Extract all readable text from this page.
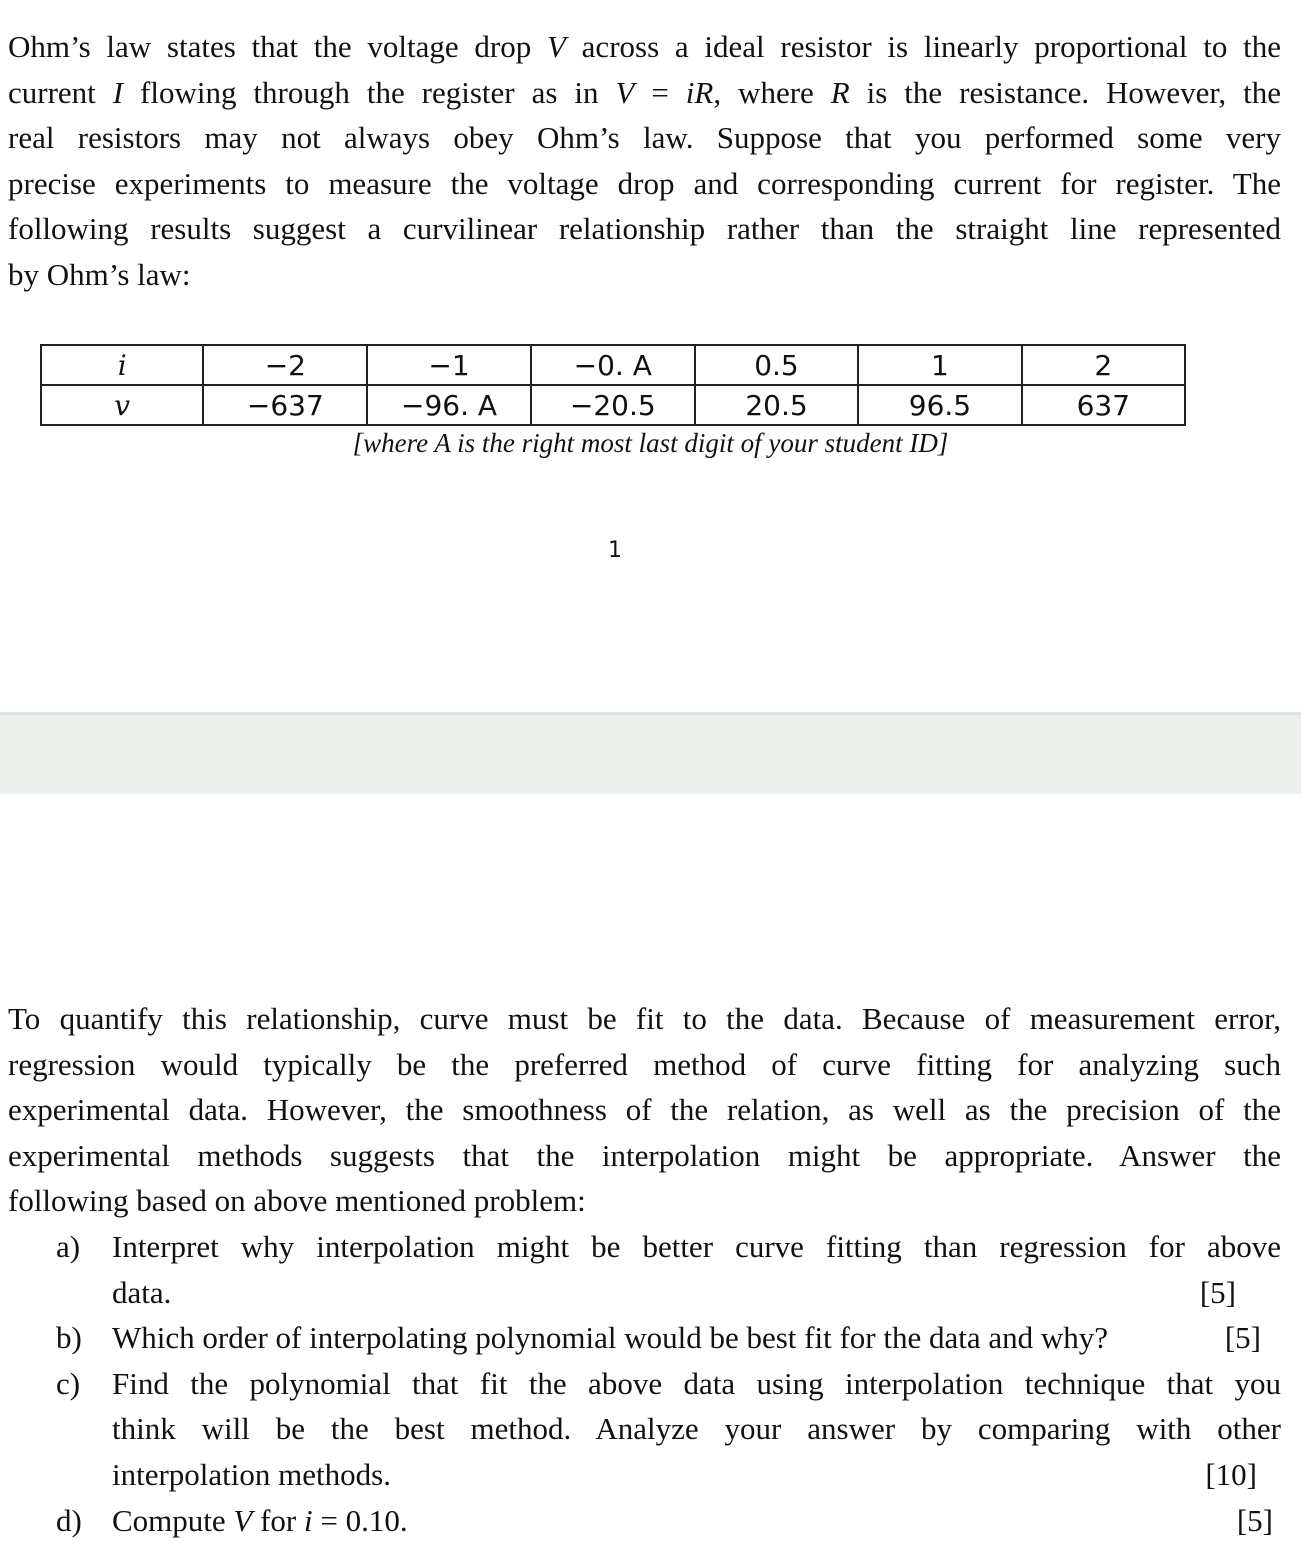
Ohm’s law states that the voltage drop V across a ideal resistor is linearly proportional to the
current I flowing through the register as in V = iR, where R is the resistance. However, the
real resistors may not always obey Ohm’s law. Suppose that you performed some very
precise experiments to measure the voltage drop and corresponding current for register. The
following results suggest a curvilinear relationship rather than the straight line represented
by Ohm’s law:
i	−2	−1	−0. A	0.5	1	2
v	−637	−96. A	−20.5	20.5	96.5	637
[where A is the right most last digit of your student ID]
1
To quantify this relationship, curve must be fit to the data. Because of measurement error,
regression would typically be the preferred method of curve fitting for analyzing such
experimental data. However, the smoothness of the relation, as well as the precision of the
experimental methods suggests that the interpolation might be appropriate. Answer the
following based on above mentioned problem:
a) Interpret why interpolation might be better curve fitting than regression for above
data.	[5]
b) Which order of interpolating polynomial would be best fit for the data and why?	[5]
c) Find the polynomial that fit the above data using interpolation technique that you
think will be the best method. Analyze your answer by comparing with other
interpolation methods.	[10]
d) Compute V for i = 0.10.	[5]
